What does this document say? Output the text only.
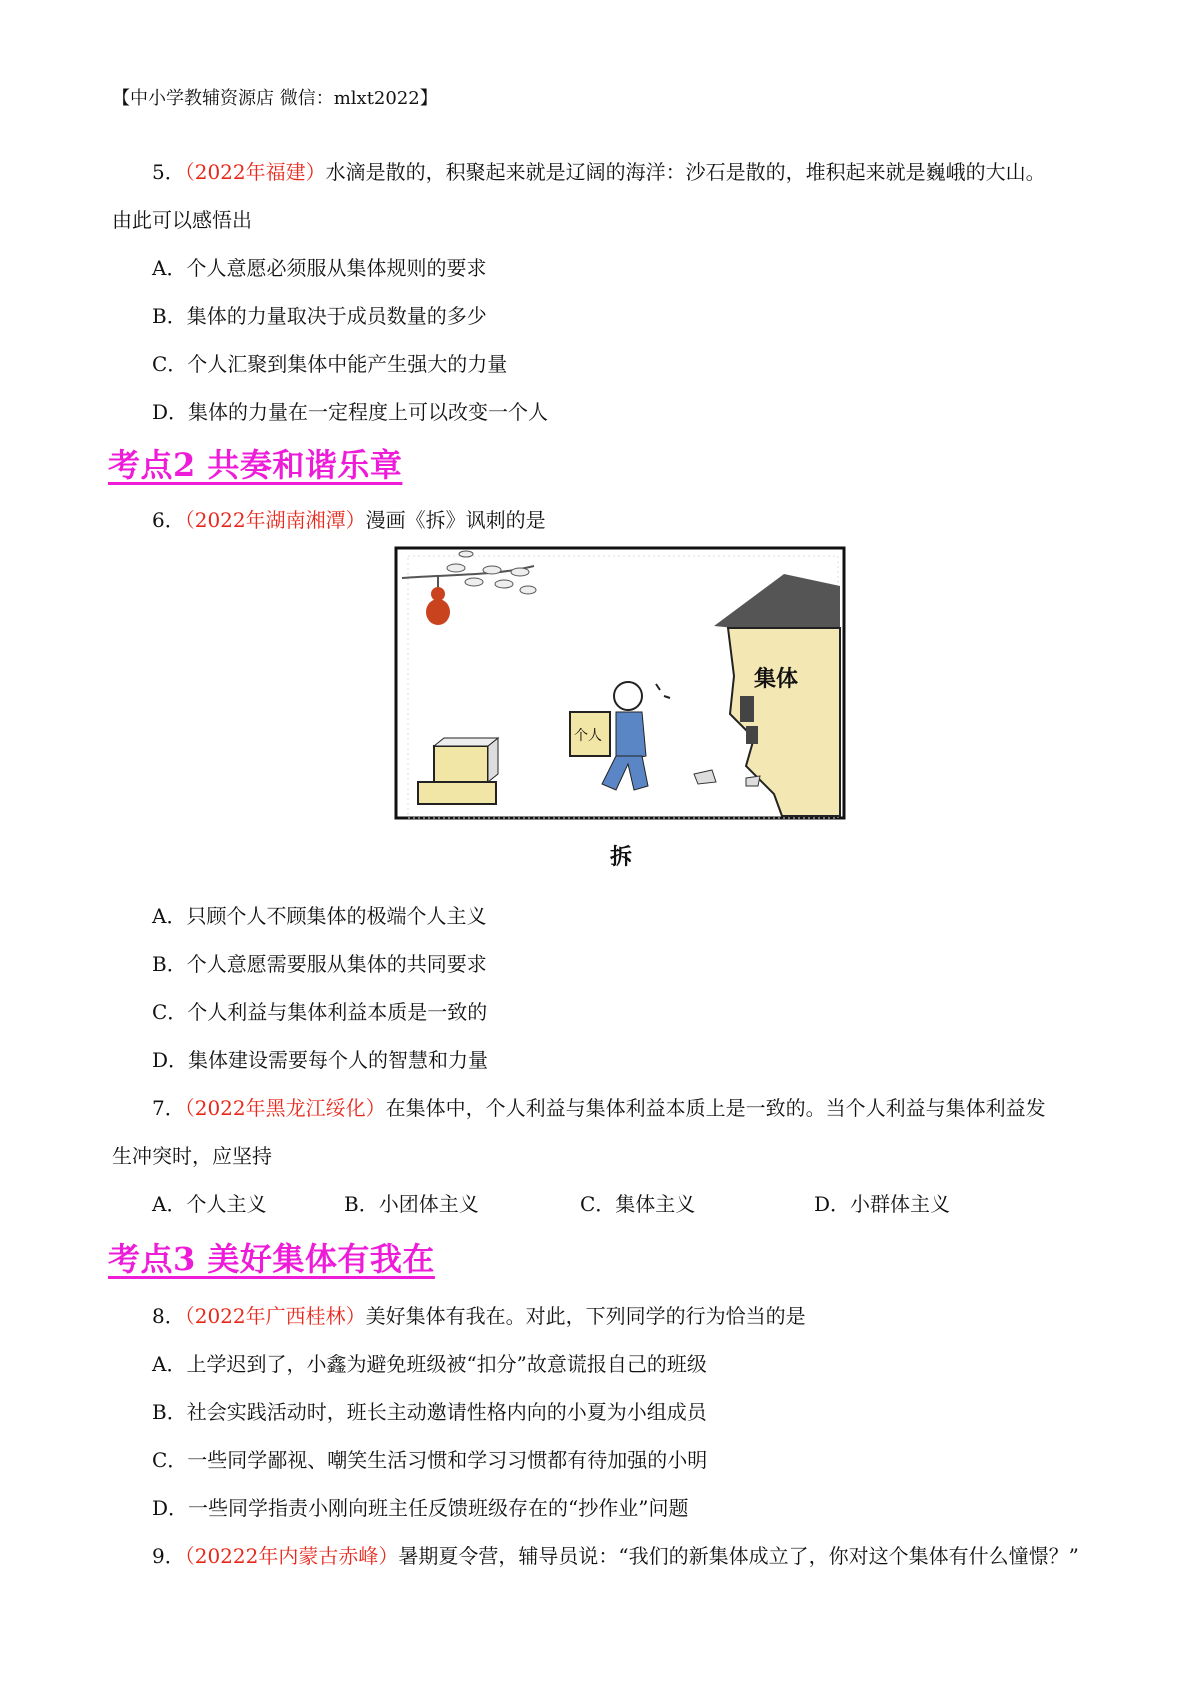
【中小学教辅资源店 微信：mlxt2022】
5．（2022年福建）水滴是散的，积聚起来就是辽阔的海洋：沙石是散的，堆积起来就是巍峨的大山。
由此可以感悟出
A．个人意愿必须服从集体规则的要求
B．集体的力量取决于成员数量的多少
C．个人汇聚到集体中能产生强大的力量
D．集体的力量在一定程度上可以改变一个人
考点2 共奏和谐乐章
6．（2022年湖南湘潭）漫画《拆》讽刺的是
集体
个人
拆
A．只顾个人不顾集体的极端个人主义
B．个人意愿需要服从集体的共同要求
C．个人利益与集体利益本质是一致的
D．集体建设需要每个人的智慧和力量
7．（2022年黑龙江绥化）在集体中，个人利益与集体利益本质上是一致的。当个人利益与集体利益发
生冲突时，应坚持
A．个人主义	B．小团体主义	C．集体主义	D．小群体主义
考点3 美好集体有我在
8．（2022年广西桂林）美好集体有我在。对此，下列同学的行为恰当的是
A．上学迟到了，小鑫为避免班级被“扣分”故意谎报自己的班级
B．社会实践活动时，班长主动邀请性格内向的小夏为小组成员
C．一些同学鄙视、嘲笑生活习惯和学习习惯都有待加强的小明
D．一些同学指责小刚向班主任反馈班级存在的“抄作业”问题
9．（20222年内蒙古赤峰）暑期夏令营，辅导员说：“我们的新集体成立了，你对这个集体有什么憧憬？”
